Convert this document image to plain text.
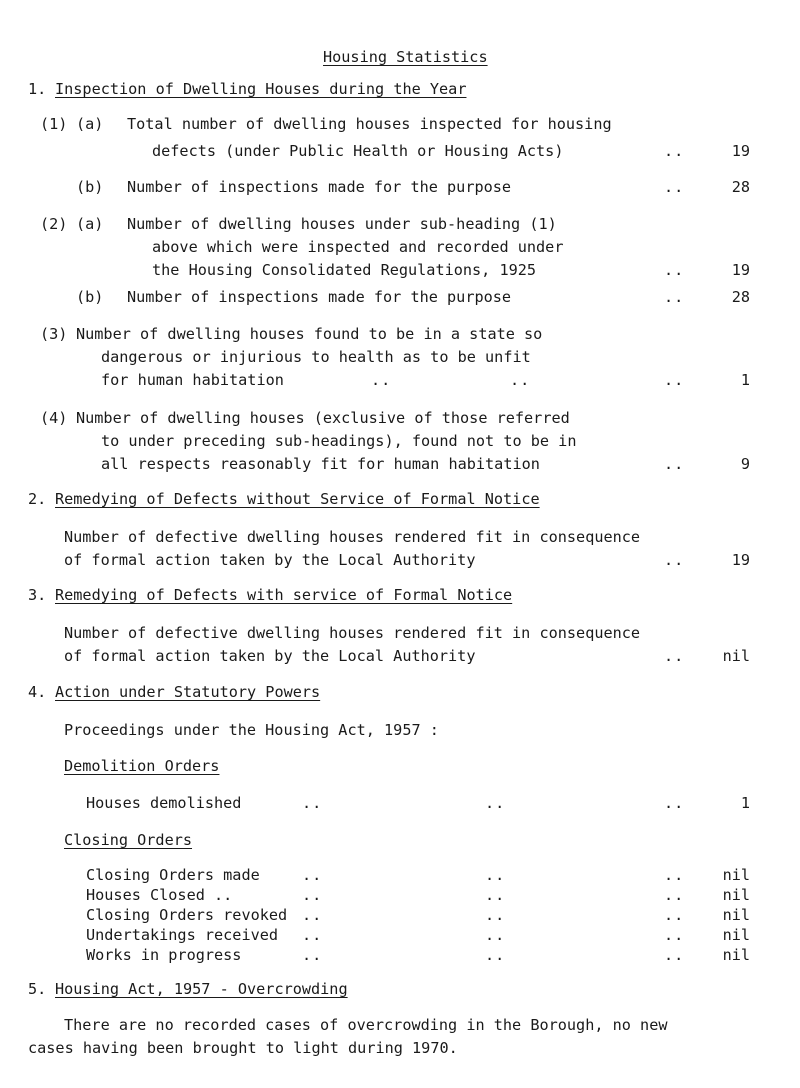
Housing Statistics
1. Inspection of Dwelling Houses during the Year
(1) (a) Total number of dwelling houses inspected for housing
defects (under Public Health or Housing Acts)	..	19
(b) Number of inspections made for the purpose	..	28
(2) (a) Number of dwelling houses under sub-heading (1)
above which were inspected and recorded under
the Housing Consolidated Regulations, 1925	..	19
(b) Number of inspections made for the purpose	..	28
(3) Number of dwelling houses found to be in a state so
dangerous or injurious to health as to be unfit
for human habitation	..	..	..	1
(4) Number of dwelling houses (exclusive of those referred
to under preceding sub-headings), found not to be in
all respects reasonably fit for human habitation	..	9
2. Remedying of Defects without Service of Formal Notice
Number of defective dwelling houses rendered fit in consequence
of formal action taken by the Local Authority	..	19
3. Remedying of Defects with service of Formal Notice
Number of defective dwelling houses rendered fit in consequence
of formal action taken by the Local Authority	..	nil
4. Action under Statutory Powers
Proceedings under the Housing Act, 1957 :
Demolition Orders
Houses demolished	..	..	..	1
Closing Orders
Closing Orders made	..	..	..	nil
Houses Closed ..	..	..	..	nil
Closing Orders revoked ..	..	..	nil
Undertakings received ..	..	..	nil
Works in progress	..	..	..	nil
5. Housing Act, 1957 - Overcrowding
There are no recorded cases of overcrowding in the Borough, no new
cases having been brought to light during 1970.
